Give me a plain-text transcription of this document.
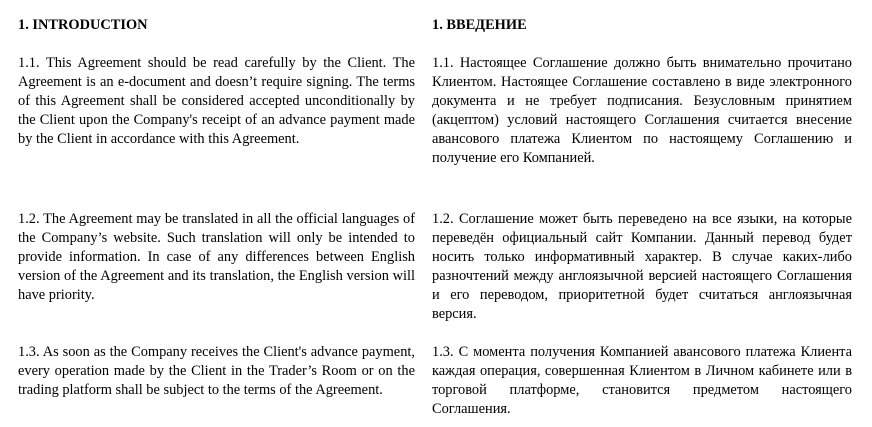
1. INTRODUCTION

1.1. This Agreement should be read carefully by the Client. The Agreement is an e-document and doesn’t require signing. The terms of this Agreement shall be considered accepted unconditionally by the Client upon the Company's receipt of an advance payment made by the Client in accordance with this Agreement.

1.2. The Agreement may be translated in all the official languages of the Company’s website. Such translation will only be intended to provide information. In case of any differences between English version of the Agreement and its translation, the English version will have priority.

1.3. As soon as the Company receives the Client's advance payment, every operation made by the Client in the Trader’s Room or on the trading platform shall be subject to the terms of the Agreement.

1. ВВЕДЕНИЕ

1.1. Настоящее Соглашение должно быть внимательно прочитано Клиентом. Настоящее Соглашение составлено в виде электронного документа и не требует подписания. Безусловным принятием (акцептом) условий настоящего Соглашения считается внесение авансового платежа Клиентом по настоящему Соглашению и получение его Компанией.

1.2. Соглашение может быть переведено на все языки, на которые переведён официальный сайт Компании. Данный перевод будет носить только информативный характер. В случае каких-либо разночтений между англоязычной версией настоящего Соглашения и его переводом, приоритетной будет считаться англоязычная версия.

1.3. С момента получения Компанией авансового платежа Клиента каждая операция, совершенная Клиентом в Личном кабинете или в торговой платформе, становится предметом настоящего Соглашения.
